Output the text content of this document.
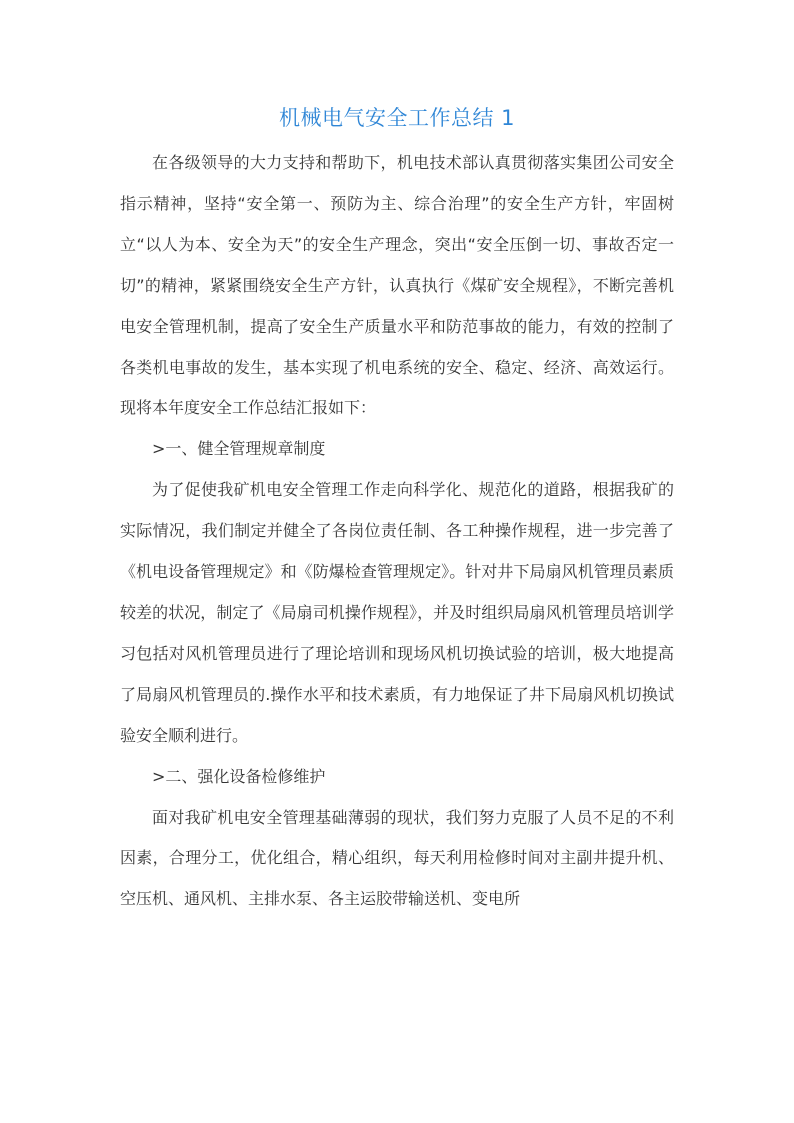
机械电气安全工作总结 1

在各级领导的大力支持和帮助下，机电技术部认真贯彻落实集团公司安全指示精神，坚持“安全第一、预防为主、综合治理”的安全生产方针，牢固树立“以人为本、安全为天”的安全生产理念，突出“安全压倒一切、事故否定一切”的精神，紧紧围绕安全生产方针，认真执行《煤矿安全规程》，不断完善机电安全管理机制，提高了安全生产质量水平和防范事故的能力，有效的控制了各类机电事故的发生，基本实现了机电系统的安全、稳定、经济、高效运行。现将本年度安全工作总结汇报如下：

>一、健全管理规章制度

为了促使我矿机电安全管理工作走向科学化、规范化的道路，根据我矿的实际情况，我们制定并健全了各岗位责任制、各工种操作规程，进一步完善了《机电设备管理规定》和《防爆检查管理规定》。针对井下局扇风机管理员素质较差的状况，制定了《局扇司机操作规程》，并及时组织局扇风机管理员培训学习包括对风机管理员进行了理论培训和现场风机切换试验的培训，极大地提高了局扇风机管理员的.操作水平和技术素质，有力地保证了井下局扇风机切换试验安全顺利进行。

>二、强化设备检修维护

面对我矿机电安全管理基础薄弱的现状，我们努力克服了人员不足的不利因素，合理分工，优化组合，精心组织，每天利用检修时间对主副井提升机、空压机、通风机、主排水泵、各主运胶带输送机、变电所
